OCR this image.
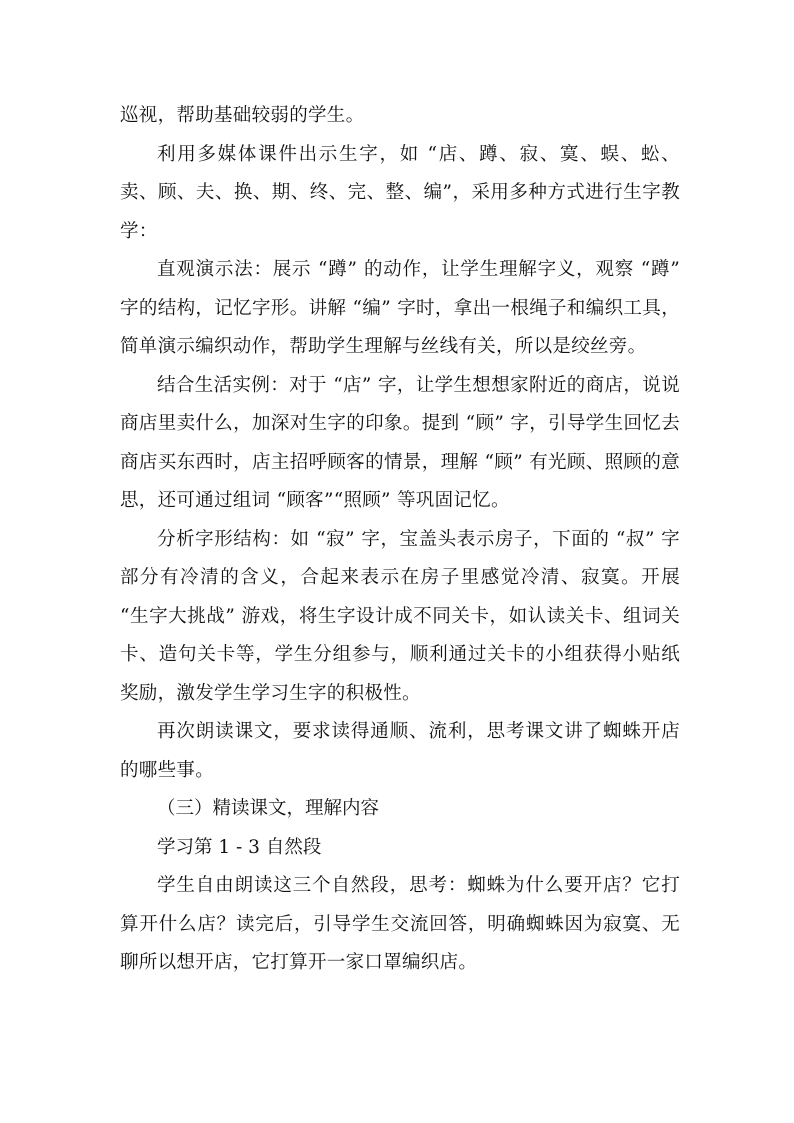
巡视，帮助基础较弱的学生。

利用多媒体课件出示生字，如 “店、蹲、寂、寞、蜈、蚣、卖、顾、夫、换、期、终、完、整、编”，采用多种方式进行生字教学：

直观演示法：展示 “蹲” 的动作，让学生理解字义，观察 “蹲” 字的结构，记忆字形。讲解 “编” 字时，拿出一根绳子和编织工具，简单演示编织动作，帮助学生理解与丝线有关，所以是绞丝旁。

结合生活实例：对于 “店” 字，让学生想想家附近的商店，说说商店里卖什么，加深对生字的印象。提到 “顾” 字，引导学生回忆去商店买东西时，店主招呼顾客的情景，理解 “顾” 有光顾、照顾的意思，还可通过组词 “顾客”“照顾” 等巩固记忆。

分析字形结构：如 “寂” 字，宝盖头表示房子，下面的 “叔” 字部分有冷清的含义，合起来表示在房子里感觉冷清、寂寞。开展 “生字大挑战” 游戏，将生字设计成不同关卡，如认读关卡、组词关卡、造句关卡等，学生分组参与，顺利通过关卡的小组获得小贴纸奖励，激发学生学习生字的积极性。

再次朗读课文，要求读得通顺、流利，思考课文讲了蜘蛛开店的哪些事。

（三）精读课文，理解内容

学习第 1 - 3 自然段

学生自由朗读这三个自然段，思考：蜘蛛为什么要开店？它打算开什么店？读完后，引导学生交流回答，明确蜘蛛因为寂寞、无聊所以想开店，它打算开一家口罩编织店。
